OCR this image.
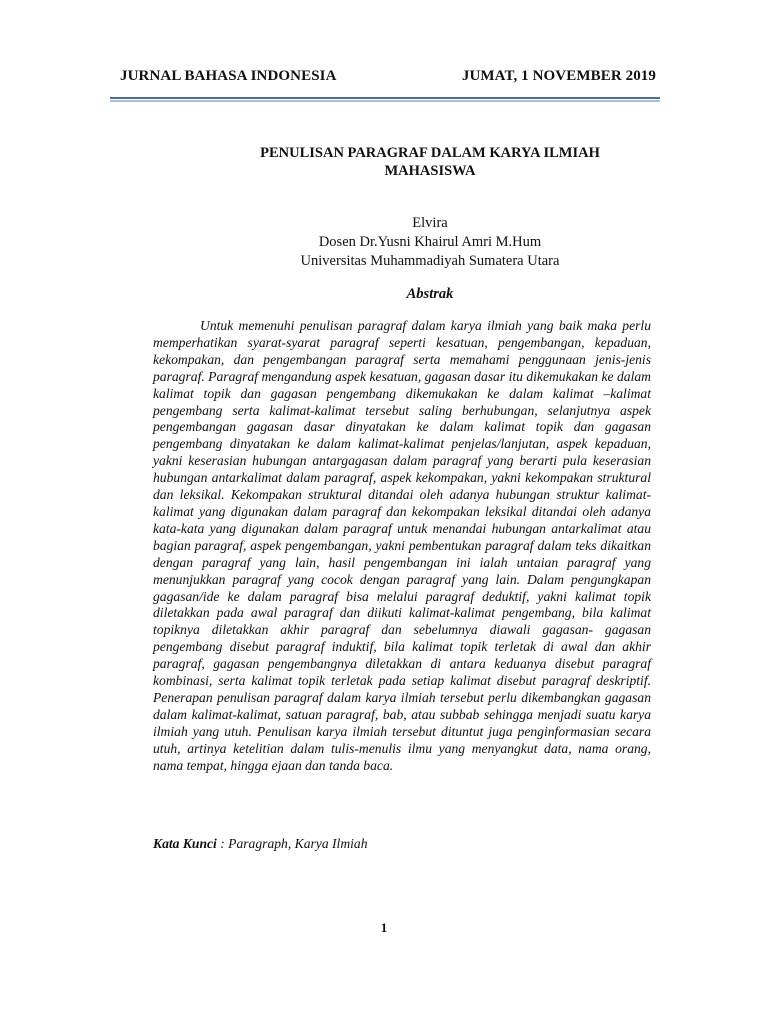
JURNAL BAHASA INDONESIA	JUMAT, 1 NOVEMBER 2019
PENULISAN PARAGRAF DALAM KARYA ILMIAH
MAHASISWA
Elvira
Dosen Dr.Yusni Khairul Amri M.Hum
Universitas Muhammadiyah Sumatera Utara
Abstrak

Untuk memenuhi penulisan paragraf dalam karya ilmiah yang baik maka perlu memperhatikan syarat-syarat paragraf seperti kesatuan, pengembangan, kepaduan, kekompakan, dan pengembangan paragraf serta memahami penggunaan jenis-jenis paragraf. Paragraf mengandung aspek kesatuan, gagasan dasar itu dikemukakan ke dalam kalimat topik dan gagasan pengembang dikemukakan ke dalam kalimat –kalimat pengembang serta kalimat-kalimat tersebut saling berhubungan, selanjutnya aspek pengembangan gagasan dasar dinyatakan ke dalam kalimat topik dan gagasan pengembang dinyatakan ke dalam kalimat-kalimat penjelas/lanjutan, aspek kepaduan, yakni keserasian hubungan antargagasan dalam paragraf yang berarti pula keserasian hubungan antarkalimat dalam paragraf, aspek kekompakan, yakni kekompakan struktural dan leksikal. Kekompakan struktural ditandai oleh adanya hubungan struktur kalimat-kalimat yang digunakan dalam paragraf dan kekompakan leksikal ditandai oleh adanya kata-kata yang digunakan dalam paragraf untuk menandai hubungan antarkalimat atau bagian paragraf, aspek pengembangan, yakni pembentukan paragraf dalam teks dikaitkan dengan paragraf yang lain, hasil pengembangan ini ialah untaian paragraf yang menunjukkan paragraf yang cocok dengan paragraf yang lain. Dalam pengungkapan gagasan/ide ke dalam paragraf bisa melalui paragraf deduktif, yakni kalimat topik diletakkan pada awal paragraf dan diikuti kalimat-kalimat pengembang, bila kalimat topiknya diletakkan akhir paragraf dan sebelumnya diawali gagasan- gagasan pengembang disebut paragraf induktif, bila kalimat topik terletak di awal dan akhir paragraf, gagasan pengembangnya diletakkan di antara keduanya disebut paragraf kombinasi, serta kalimat topik terletak pada setiap kalimat disebut paragraf deskriptif. Penerapan penulisan paragraf dalam karya ilmiah tersebut perlu dikembangkan gagasan dalam kalimat-kalimat, satuan paragraf, bab, atau subbab sehingga menjadi suatu karya ilmiah yang utuh. Penulisan karya ilmiah tersebut dituntut juga penginformasian secara utuh, artinya ketelitian dalam tulis-menulis ilmu yang menyangkut data, nama orang, nama tempat, hingga ejaan dan tanda baca.

Kata Kunci : Paragraph, Karya Ilmiah
1
